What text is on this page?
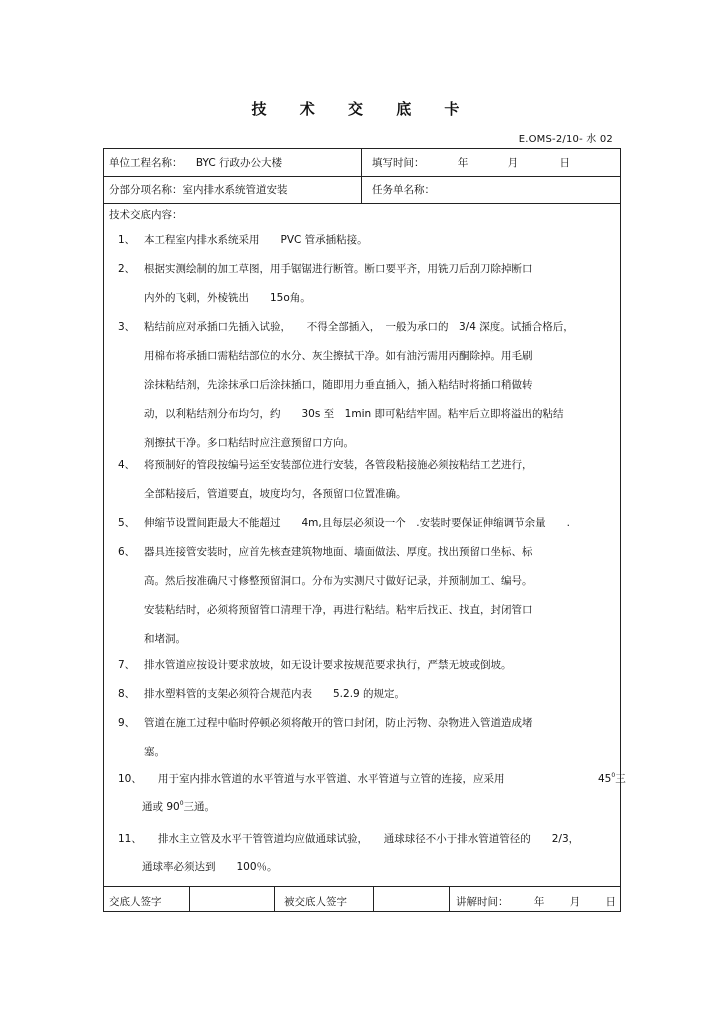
技 术 交 底 卡
E.OMS-2/10- 水 02
单位工程名称： BYC 行政办公大楼	填写时间：	年	月	日
分部分项名称：室内排水系统管道安装	任务单名称：
技术交底内容：
1、 本工程室内排水系统采用　　PVC 管承插粘接。
2、 根据实测绘制的加工草图，用手锯锯进行断管。断口要平齐，用铣刀后刮刀除掉断口
内外的飞刺，外棱铣出　　15o角。
3、 粘结前应对承插口先插入试验，　　不得全部插入，　一般为承口的　3/4 深度。试插合格后，
用棉布将承插口需粘结部位的水分、灰尘擦拭干净。如有油污需用丙酮除掉。用毛刷
涂抹粘结剂，先涂抹承口后涂抹插口，随即用力垂直插入，插入粘结时将插口稍做转
动，以利粘结剂分布均匀，约　　30s 至　1min 即可粘结牢固。粘牢后立即将溢出的粘结
剂擦拭干净。多口粘结时应注意预留口方向。
4、 将预制好的管段按编号运至安装部位进行安装，各管段粘接施必须按粘结工艺进行，
全部粘接后，管道要直，坡度均匀，各预留口位置准确。
5、 伸缩节设置间距最大不能超过　　4m,且每层必须设一个　.安装时要保证伸缩调节余量　　.
6、 器具连接管安装时，应首先核查建筑物地面、墙面做法、厚度。找出预留口坐标、标
高。然后按准确尺寸修整预留洞口。分布为实测尺寸做好记录，并预制加工、编号。
安装粘结时，必须将预留管口清理干净，再进行粘结。粘牢后找正、找直，封闭管口
和堵洞。
7、 排水管道应按设计要求放坡，如无设计要求按规范要求执行，严禁无坡或倒坡。
8、 排水塑料管的支架必须符合规范内表　　5.2.9 的规定。
9、 管道在施工过程中临时停顿必须将敞开的管口封闭，防止污物、杂物进入管道造成堵
塞。
10、 用于室内排水管道的水平管道与水平管道、水平管道与立管的连接，应采用	$45^0$三
通或 $90^0$三通。
11、 排水主立管及水平干管管道均应做通球试验，　　通球球径不小于排水管道管径的　　2/3，
通球率必须达到　　100％。
交底人签字	被交底人签字	讲解时间： 年 月 日
